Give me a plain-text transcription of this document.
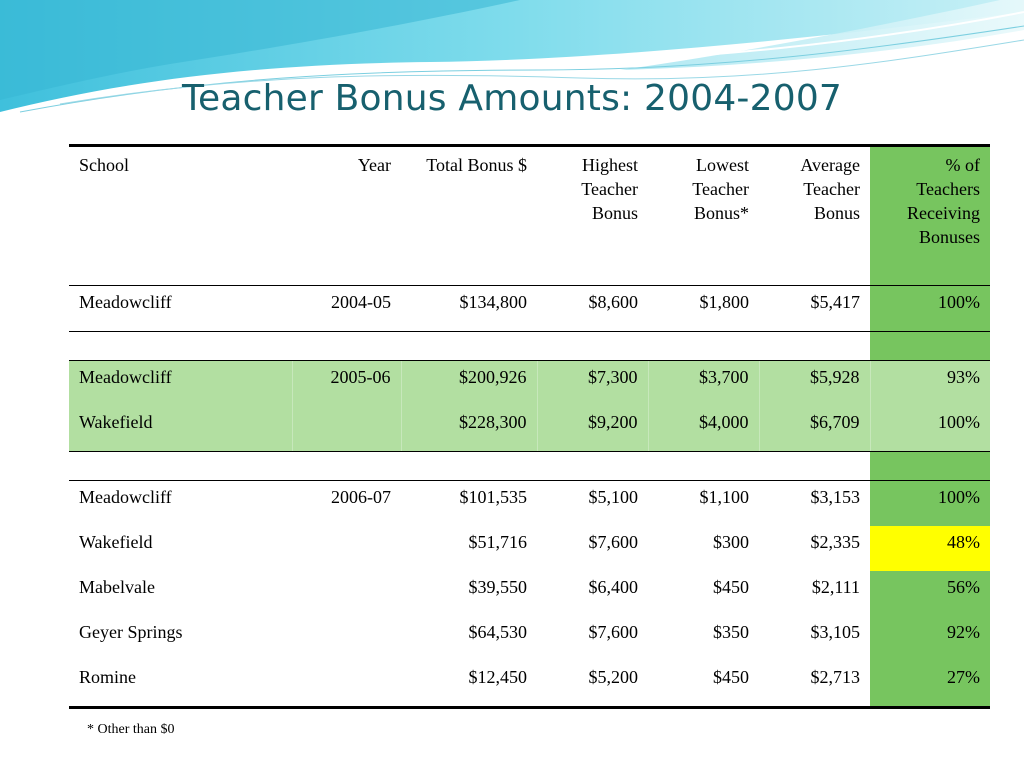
Teacher Bonus Amounts: 2004-2007
School	Year	Total Bonus $	Highest Teacher Bonus	Lowest Teacher Bonus*	Average Teacher Bonus	% of Teachers Receiving Bonuses
Meadowcliff	2004-05	$134,800	$8,600	$1,800	$5,417	100%

Meadowcliff	2005-06	$200,926	$7,300	$3,700	$5,928	93%
Wakefield		$228,300	$9,200	$4,000	$6,709	100%

Meadowcliff	2006-07	$101,535	$5,100	$1,100	$3,153	100%
Wakefield		$51,716	$7,600	$300	$2,335	48%
Mabelvale		$39,550	$6,400	$450	$2,111	56%
Geyer Springs		$64,530	$7,600	$350	$3,105	92%
Romine		$12,450	$5,200	$450	$2,713	27%
* Other than $0
